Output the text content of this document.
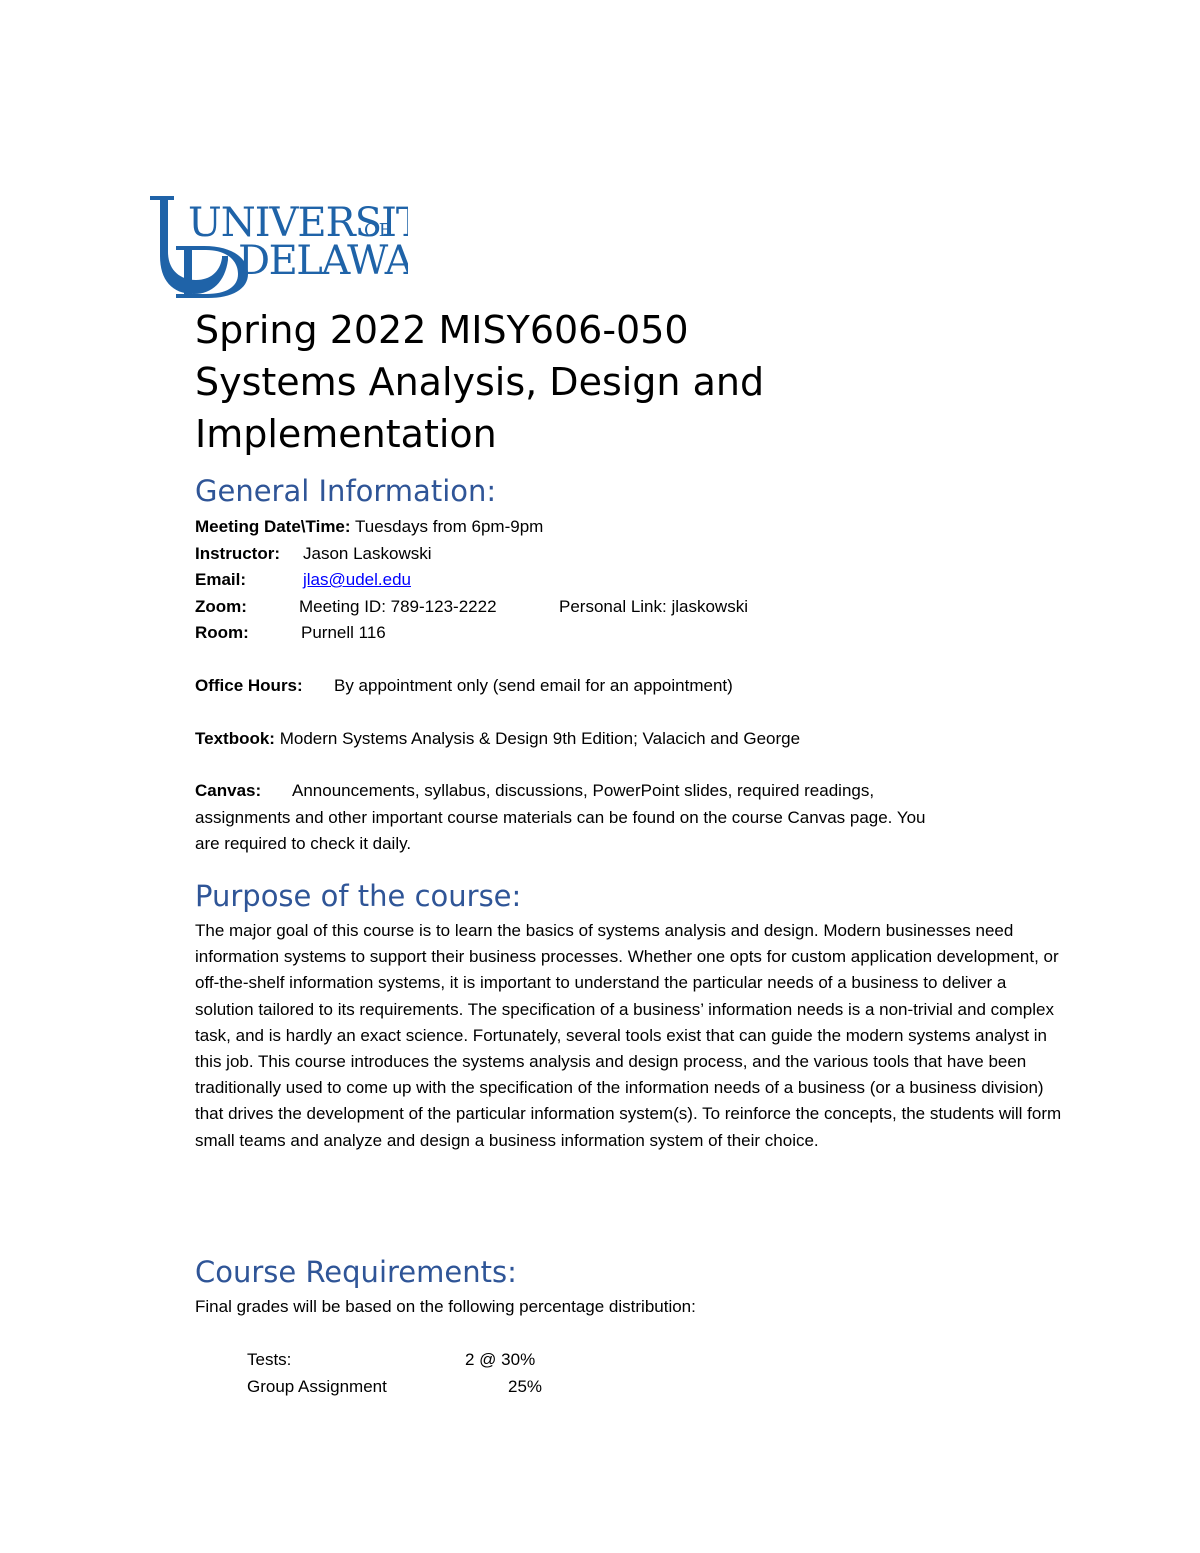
UNIVERSI
OF
DELAWA
Spring 2022 MISY606-050
Systems Analysis, Design and
Implementation
General Information:
Meeting Date\Time: Tuesdays from 6pm-9pm
Instructor: Jason Laskowski
Email:	jlas@udel.edu
Zoom:	Meeting ID: 789-123-2222	Personal Link: jlaskowski
Room:	Purnell 116
Office Hours: By appointment only (send email for an appointment)
Textbook: Modern Systems Analysis & Design 9th Edition; Valacich and George
Canvas: Announcements, syllabus, discussions, PowerPoint slides, required readings,
assignments and other important course materials can be found on the course Canvas page. You
are required to check it daily.
Purpose of the course:
The major goal of this course is to learn the basics of systems analysis and design. Modern businesses need information systems to support their business processes. Whether one opts for custom application development, or off-the-shelf information systems, it is important to understand the particular needs of a business to deliver a solution tailored to its requirements. The specification of a business’ information needs is a non-trivial and complex task, and is hardly an exact science. Fortunately, several tools exist that can guide the modern systems analyst in this job. This course introduces the systems analysis and design process, and the various tools that have been traditionally used to come up with the specification of the information needs of a business (or a business division) that drives the development of the particular information system(s). To reinforce the concepts, the students will form small teams and analyze and design a business information system of their choice.
Course Requirements:
Final grades will be based on the following percentage distribution:
Tests:	2 @ 30%
Group Assignment	25%
